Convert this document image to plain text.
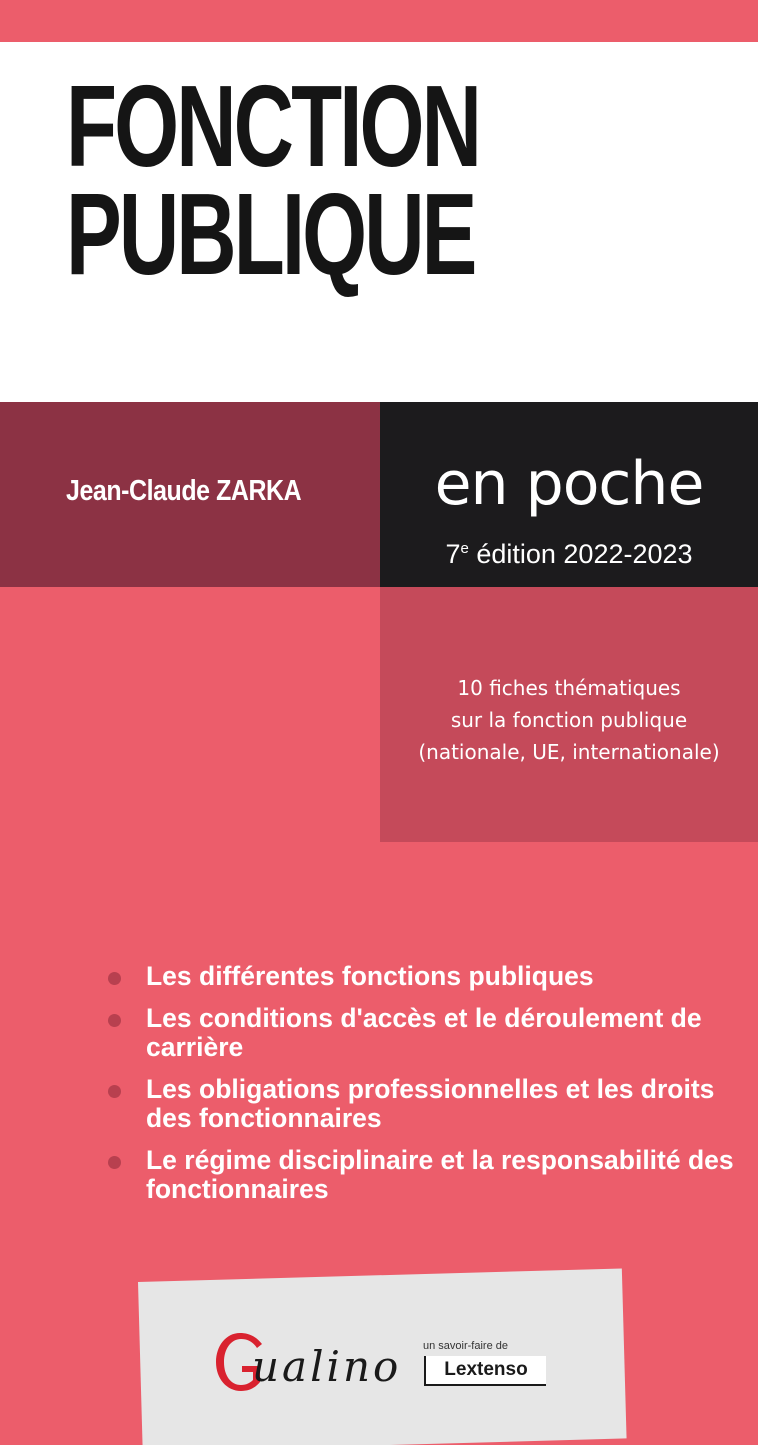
FONCTION
PUBLIQUE
Jean-Claude ZARKA	en poche
7e édition 2022-2023
10 fiches thématiques
sur la fonction publique
(nationale, UE, internationale)
Les différentes fonctions publiques
Les conditions d'accès et le déroulement de carrière
Les obligations professionnelles et les droits des fonctionnaires
Le régime disciplinaire et la responsabilité des fonctionnaires
ualino un savoir-faire de
Lextenso
